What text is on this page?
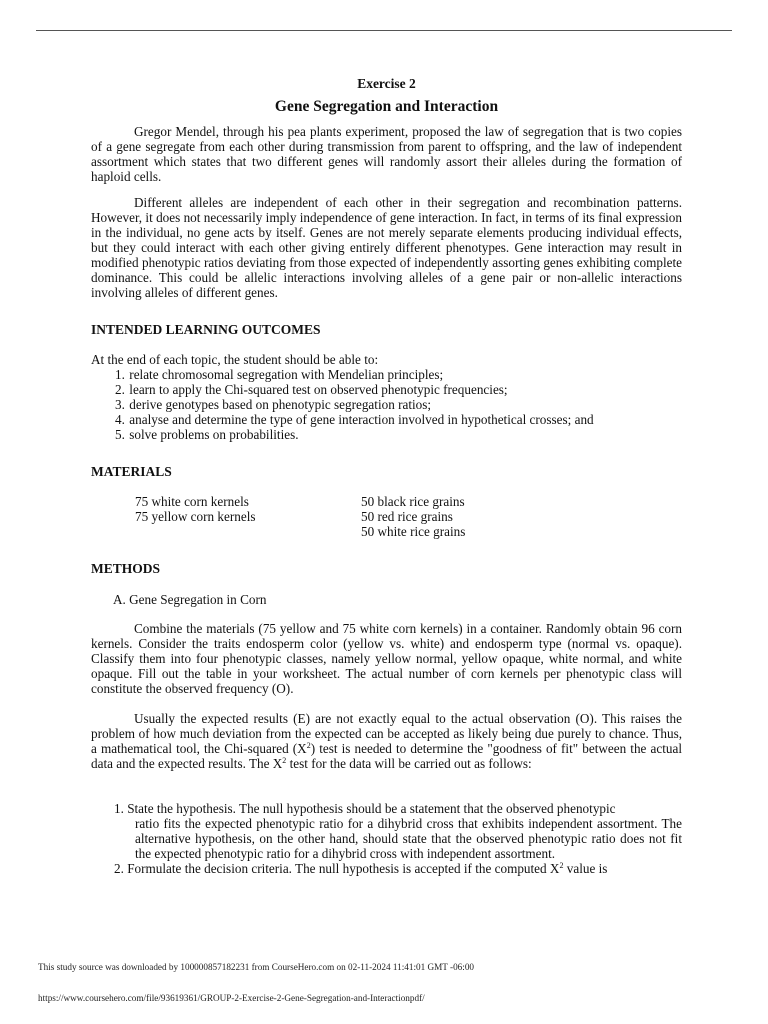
Exercise 2
Gene Segregation and Interaction

Gregor Mendel, through his pea plants experiment, proposed the law of segregation that is two copies of a gene segregate from each other during transmission from parent to offspring, and the law of independent assortment which states that two different genes will randomly assort their alleles during the formation of haploid cells.

Different alleles are independent of each other in their segregation and recombination patterns. However, it does not necessarily imply independence of gene interaction. In fact, in terms of its final expression in the individual, no gene acts by itself. Genes are not merely separate elements producing individual effects, but they could interact with each other giving entirely different phenotypes. Gene interaction may result in modified phenotypic ratios deviating from those expected of independently assorting genes exhibiting complete dominance. This could be allelic interactions involving alleles of a gene pair or non-allelic interactions involving alleles of different genes.

INTENDED LEARNING OUTCOMES
At the end of each topic, the student should be able to:
1. relate chromosomal segregation with Mendelian principles;
2. learn to apply the Chi-squared test on observed phenotypic frequencies;
3. derive genotypes based on phenotypic segregation ratios;
4. analyse and determine the type of gene interaction involved in hypothetical crosses; and
5. solve problems on probabilities.
MATERIALS
75 white corn kernels
75 yellow corn kernels
50 black rice grains
50 red rice grains
50 white rice grains
METHODS
A. Gene Segregation in Corn

Combine the materials (75 yellow and 75 white corn kernels) in a container. Randomly obtain 96 corn kernels. Consider the traits endosperm color (yellow vs. white) and endosperm type (normal vs. opaque). Classify them into four phenotypic classes, namely yellow normal, yellow opaque, white normal, and white opaque. Fill out the table in your worksheet. The actual number of corn kernels per phenotypic class will constitute the observed frequency (O).

Usually the expected results (E) are not exactly equal to the actual observation (O). This raises the problem of how much deviation from the expected can be accepted as likely being due purely to chance. Thus, a mathematical tool, the Chi-squared $(X^2)$ test is needed to determine the "goodness of fit" between the actual data and the expected results. The $X^2$ test for the data will be carried out as follows:

1. State the hypothesis. The null hypothesis should be a statement that the observed phenotypic
ratio fits the expected phenotypic ratio for a dihybrid cross that exhibits independent assortment. The alternative hypothesis, on the other hand, should state that the observed phenotypic ratio does not fit the expected phenotypic ratio for a dihybrid cross with independent assortment.
2. Formulate the decision criteria. The null hypothesis is accepted if the computed $X^2$ value is
This study source was downloaded by 100000857182231 from CourseHero.com on 02-11-2024 11:41:01 GMT -06:00
https://www.coursehero.com/file/93619361/GROUP-2-Exercise-2-Gene-Segregation-and-Interactionpdf/
